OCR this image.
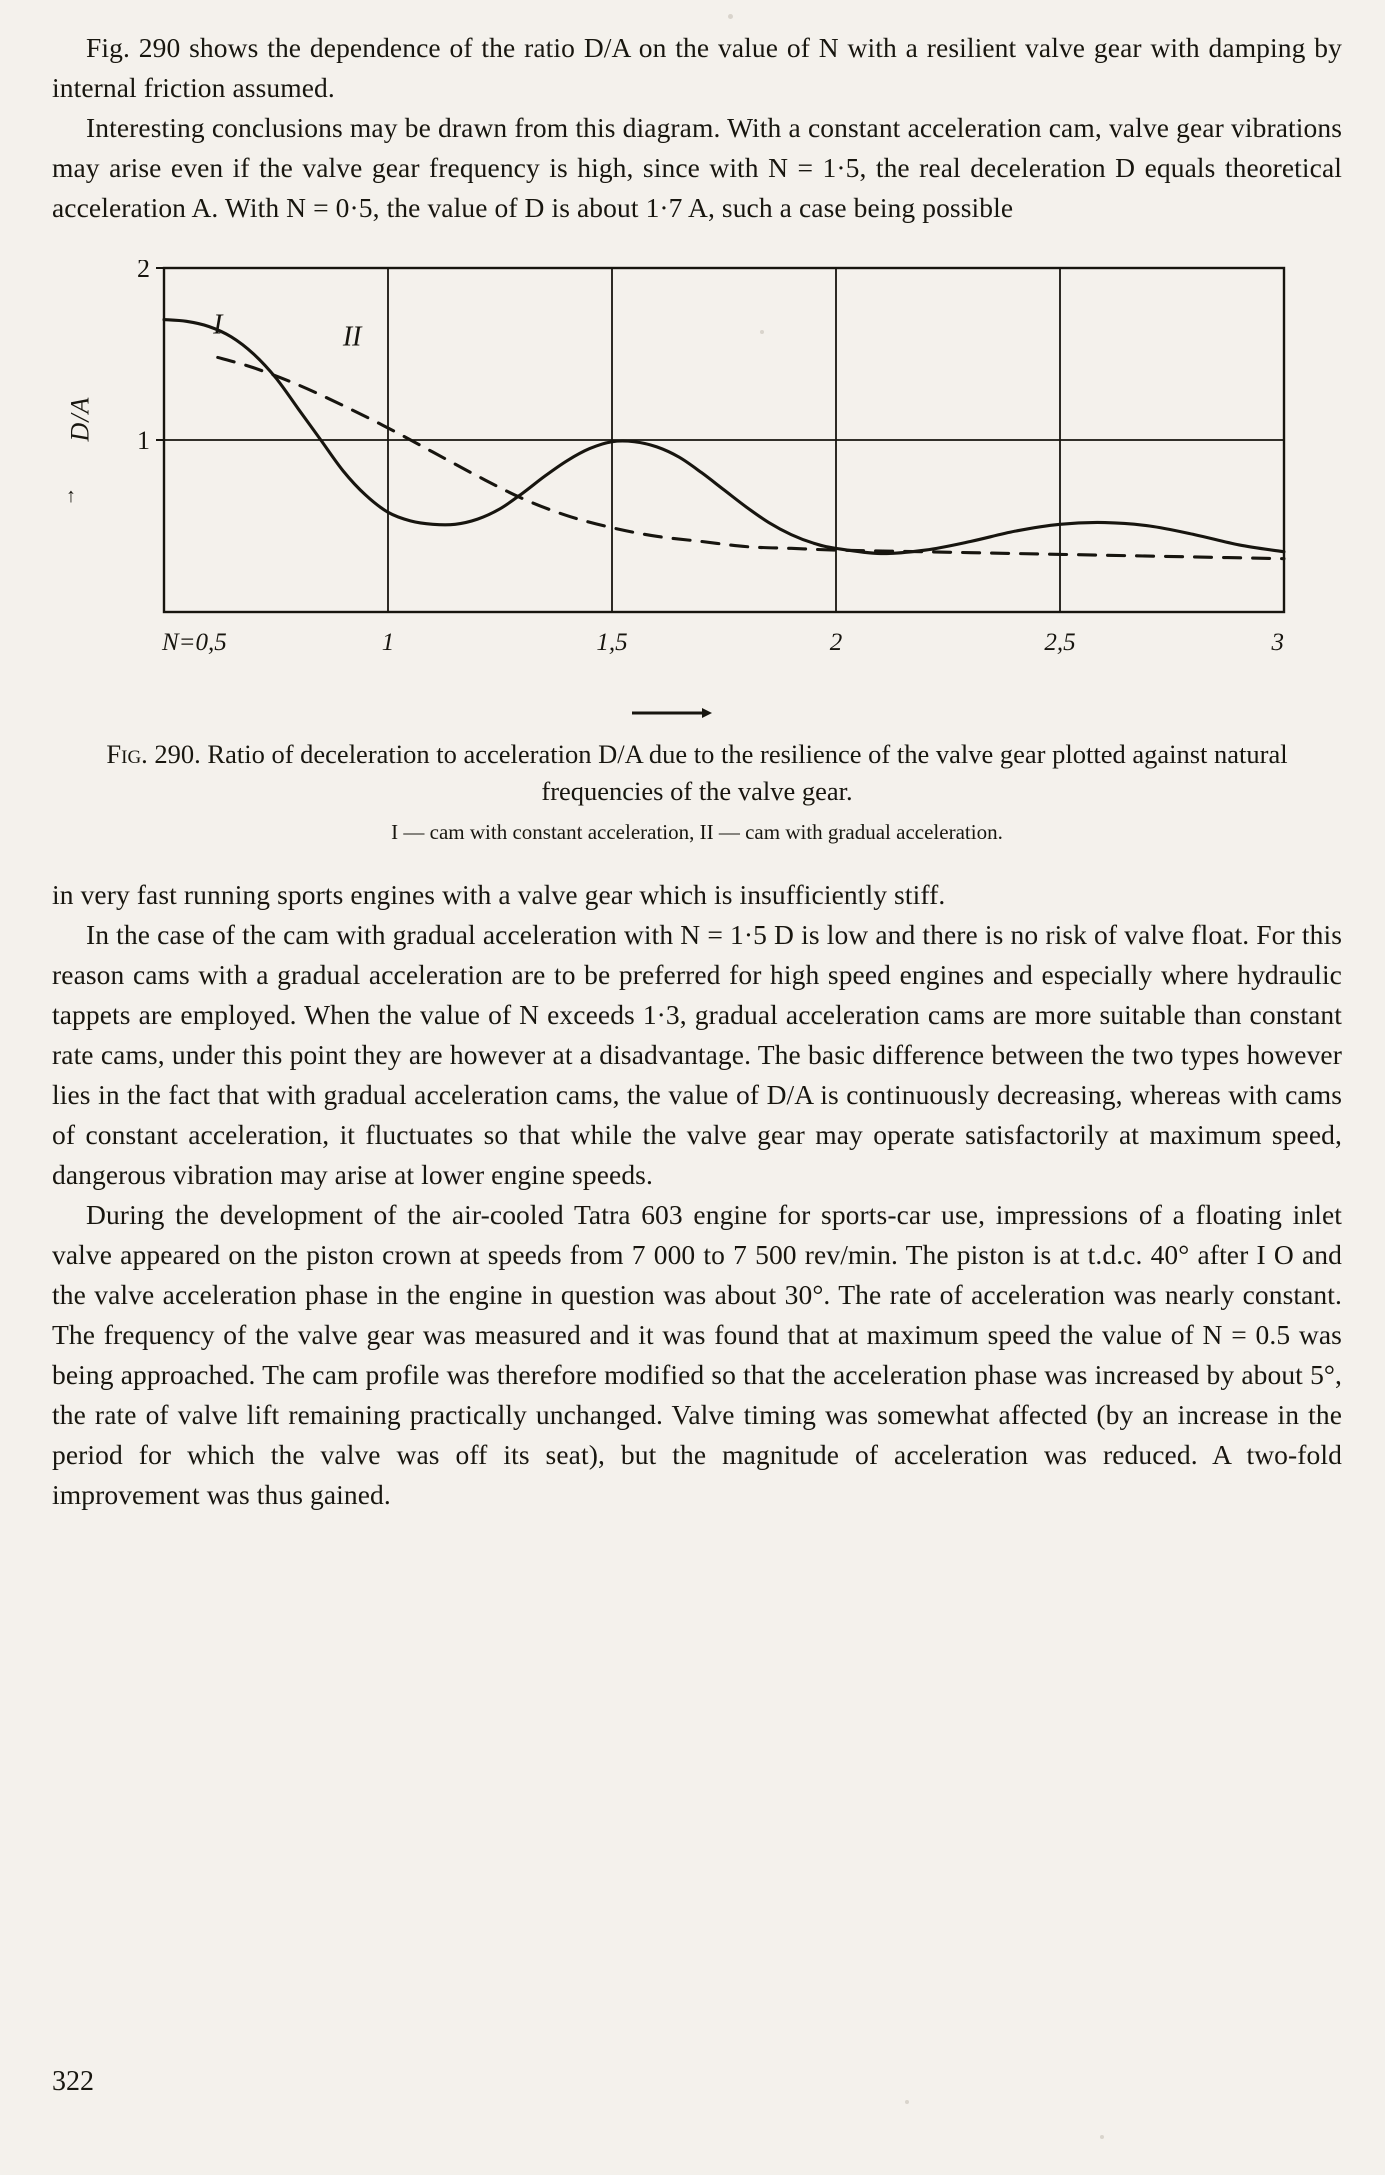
Fig. 290 shows the dependence of the ratio D/A on the value of N with a resilient valve gear with damping by internal friction assumed.

Interesting conclusions may be drawn from this diagram. With a constant acceleration cam, valve gear vibrations may arise even if the valve gear frequency is high, since with N = 1·5, the real deceleration D equals theoretical acceleration A. With N = 0·5, the value of D is about 1·7 A, such a case being possible

D/A
↑
1
2
N=0,5	1	1,5	2	2,5	3
I	II
Fig. 290. Ratio of deceleration to acceleration D/A due to the resilience of the valve gear plotted against natural frequencies of the valve gear.
I — cam with constant acceleration, II — cam with gradual acceleration.

in very fast running sports engines with a valve gear which is insufficiently stiff.

In the case of the cam with gradual acceleration with N = 1·5 D is low and there is no risk of valve float. For this reason cams with a gradual acceleration are to be preferred for high speed engines and especially where hydraulic tappets are employed. When the value of N exceeds 1·3, gradual acceleration cams are more suitable than constant rate cams, under this point they are however at a disadvantage. The basic difference between the two types however lies in the fact that with gradual acceleration cams, the value of D/A is continuously decreasing, whereas with cams of constant acceleration, it fluctuates so that while the valve gear may operate satisfactorily at maximum speed, dangerous vibration may arise at lower engine speeds.

During the development of the air-cooled Tatra 603 engine for sports-car use, impressions of a floating inlet valve appeared on the piston crown at speeds from 7 000 to 7 500 rev/min. The piston is at t.d.c. 40° after I O and the valve acceleration phase in the engine in question was about 30°. The rate of acceleration was nearly constant. The frequency of the valve gear was measured and it was found that at maximum speed the value of N = 0.5 was being approached. The cam profile was therefore modified so that the acceleration phase was increased by about 5°, the rate of valve lift remaining practically unchanged. Valve timing was somewhat affected (by an increase in the period for which the valve was off its seat), but the magnitude of acceleration was reduced. A two-fold improvement was thus gained.

322
